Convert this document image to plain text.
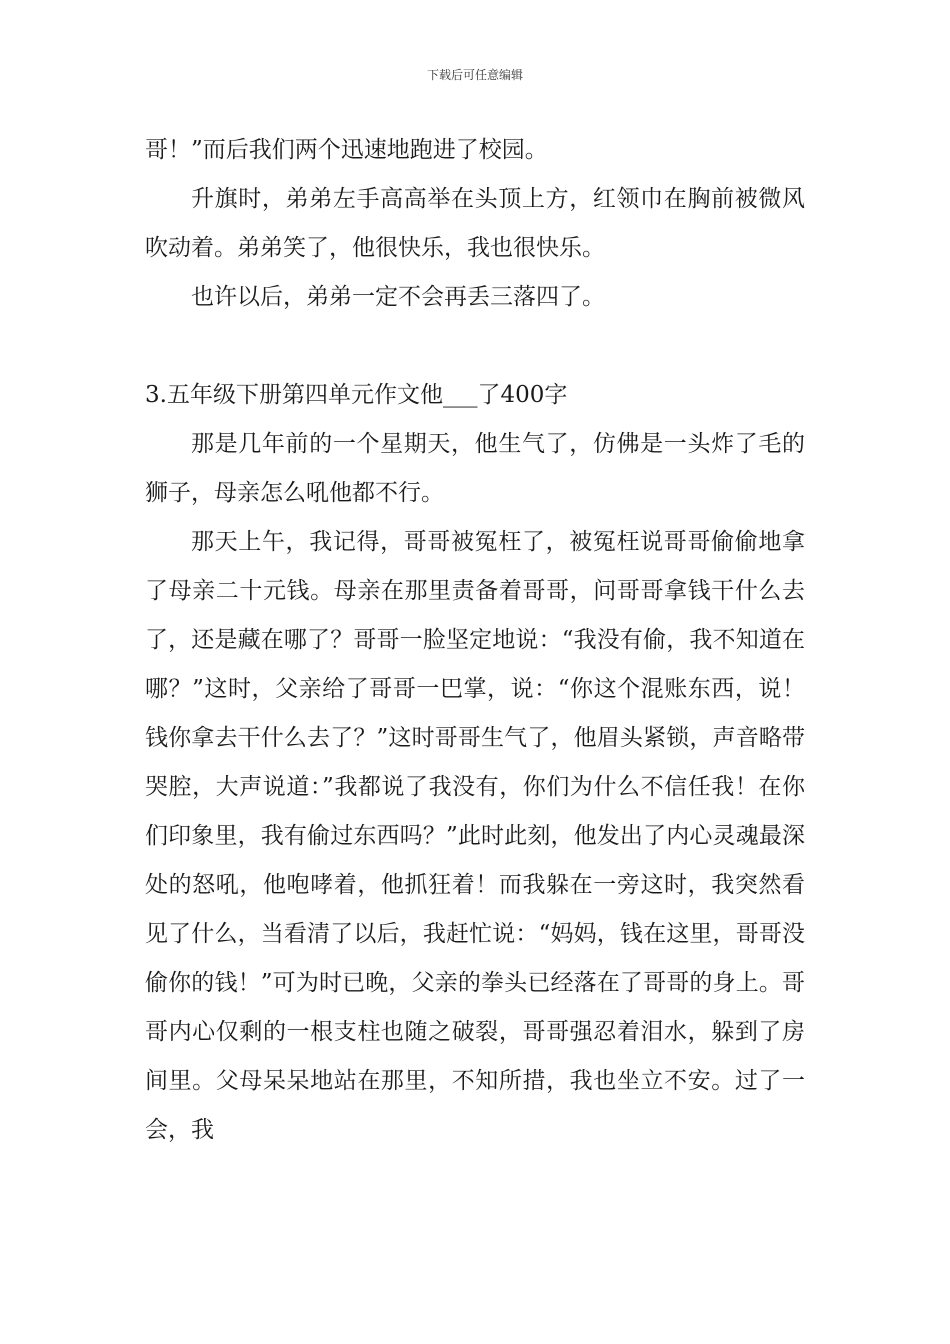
下载后可任意编辑

哥！”而后我们两个迅速地跑进了校园。

升旗时，弟弟左手高高举在头顶上方，红领巾在胸前被微风吹动着。弟弟笑了，他很快乐，我也很快乐。

也许以后，弟弟一定不会再丢三落四了。

3.五年级下册第四单元作文他___了400字

那是几年前的一个星期天，他生气了，仿佛是一头炸了毛的狮子，母亲怎么吼他都不行。

那天上午，我记得，哥哥被冤枉了，被冤枉说哥哥偷偷地拿了母亲二十元钱。母亲在那里责备着哥哥，问哥哥拿钱干什么去了，还是藏在哪了？哥哥一脸坚定地说：“我没有偷，我不知道在哪？”这时，父亲给了哥哥一巴掌，说：“你这个混账东西，说！钱你拿去干什么去了？”这时哥哥生气了，他眉头紧锁，声音略带哭腔，大声说道：”我都说了我没有，你们为什么不信任我！在你们印象里，我有偷过东西吗？”此时此刻，他发出了内心灵魂最深处的怒吼，他咆哮着，他抓狂着！而我躲在一旁这时，我突然看见了什么，当看清了以后，我赶忙说：“妈妈，钱在这里，哥哥没偷你的钱！”可为时已晚，父亲的拳头已经落在了哥哥的身上。哥哥内心仅剩的一根支柱也随之破裂，哥哥强忍着泪水，躲到了房间里。父母呆呆地站在那里，不知所措，我也坐立不安。过了一会，我
